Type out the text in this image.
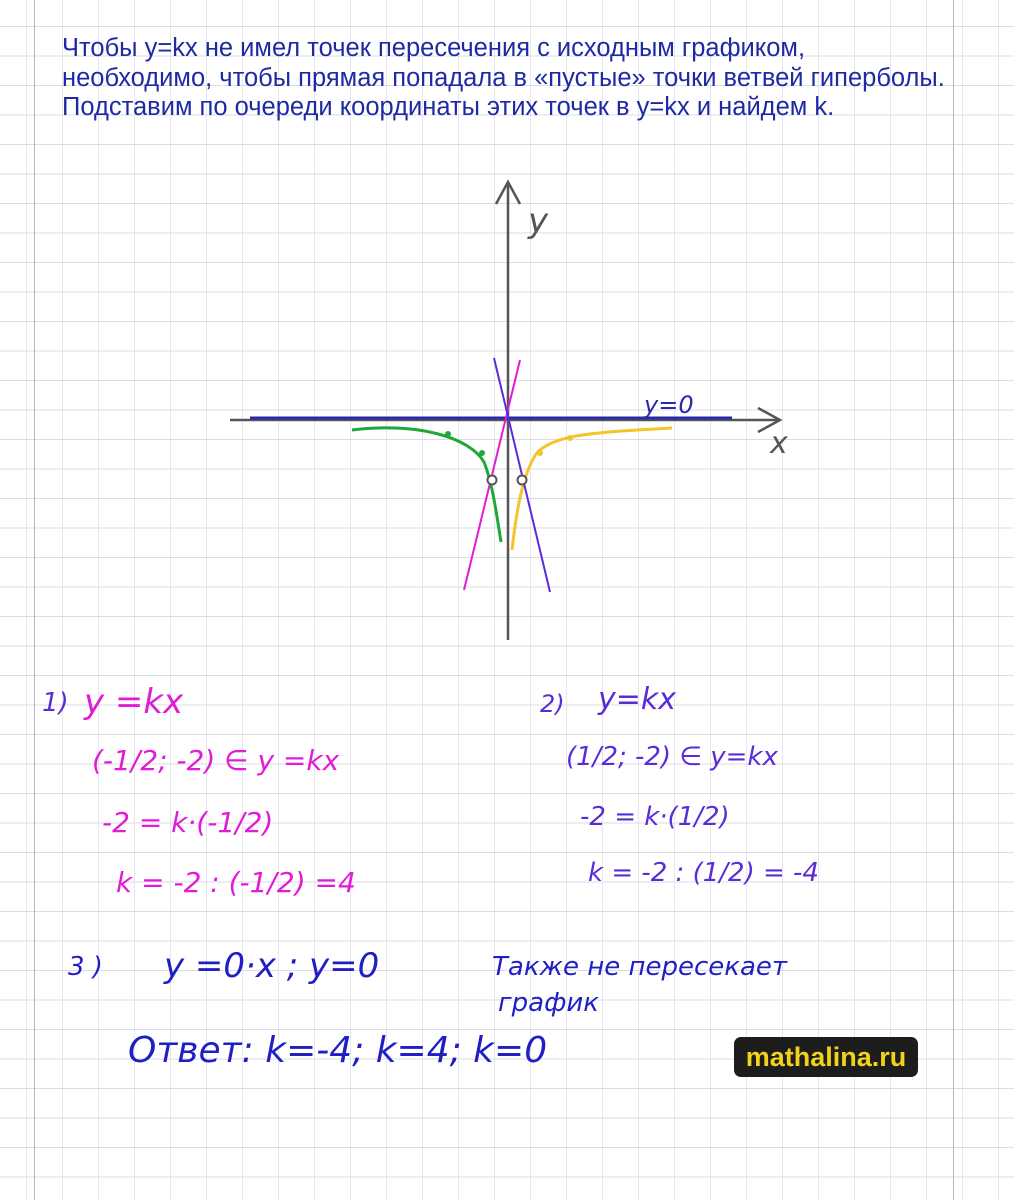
Чтобы y=kx не имел точек пересечения с исходным графиком, необходимо, чтобы прямая попадала в «пустые» точки ветвей гиперболы. Подставим по очереди координаты этих точек в y=kx и найдем k.

y
x
y=0
1) y =kx
(-1/2; -2) ∈ y =kx
-2 = k·(-1/2)
k = -2 : (-1/2) =4
2) y=kx
(1/2; -2) ∈ y=kx
-2 = k·(1/2)
k = -2 : (1/2) = -4
3 ) y =0·x ; y=0	Также не пересекает
график
Ответ: k=-4; k=4; k=0	mathalina.ru
